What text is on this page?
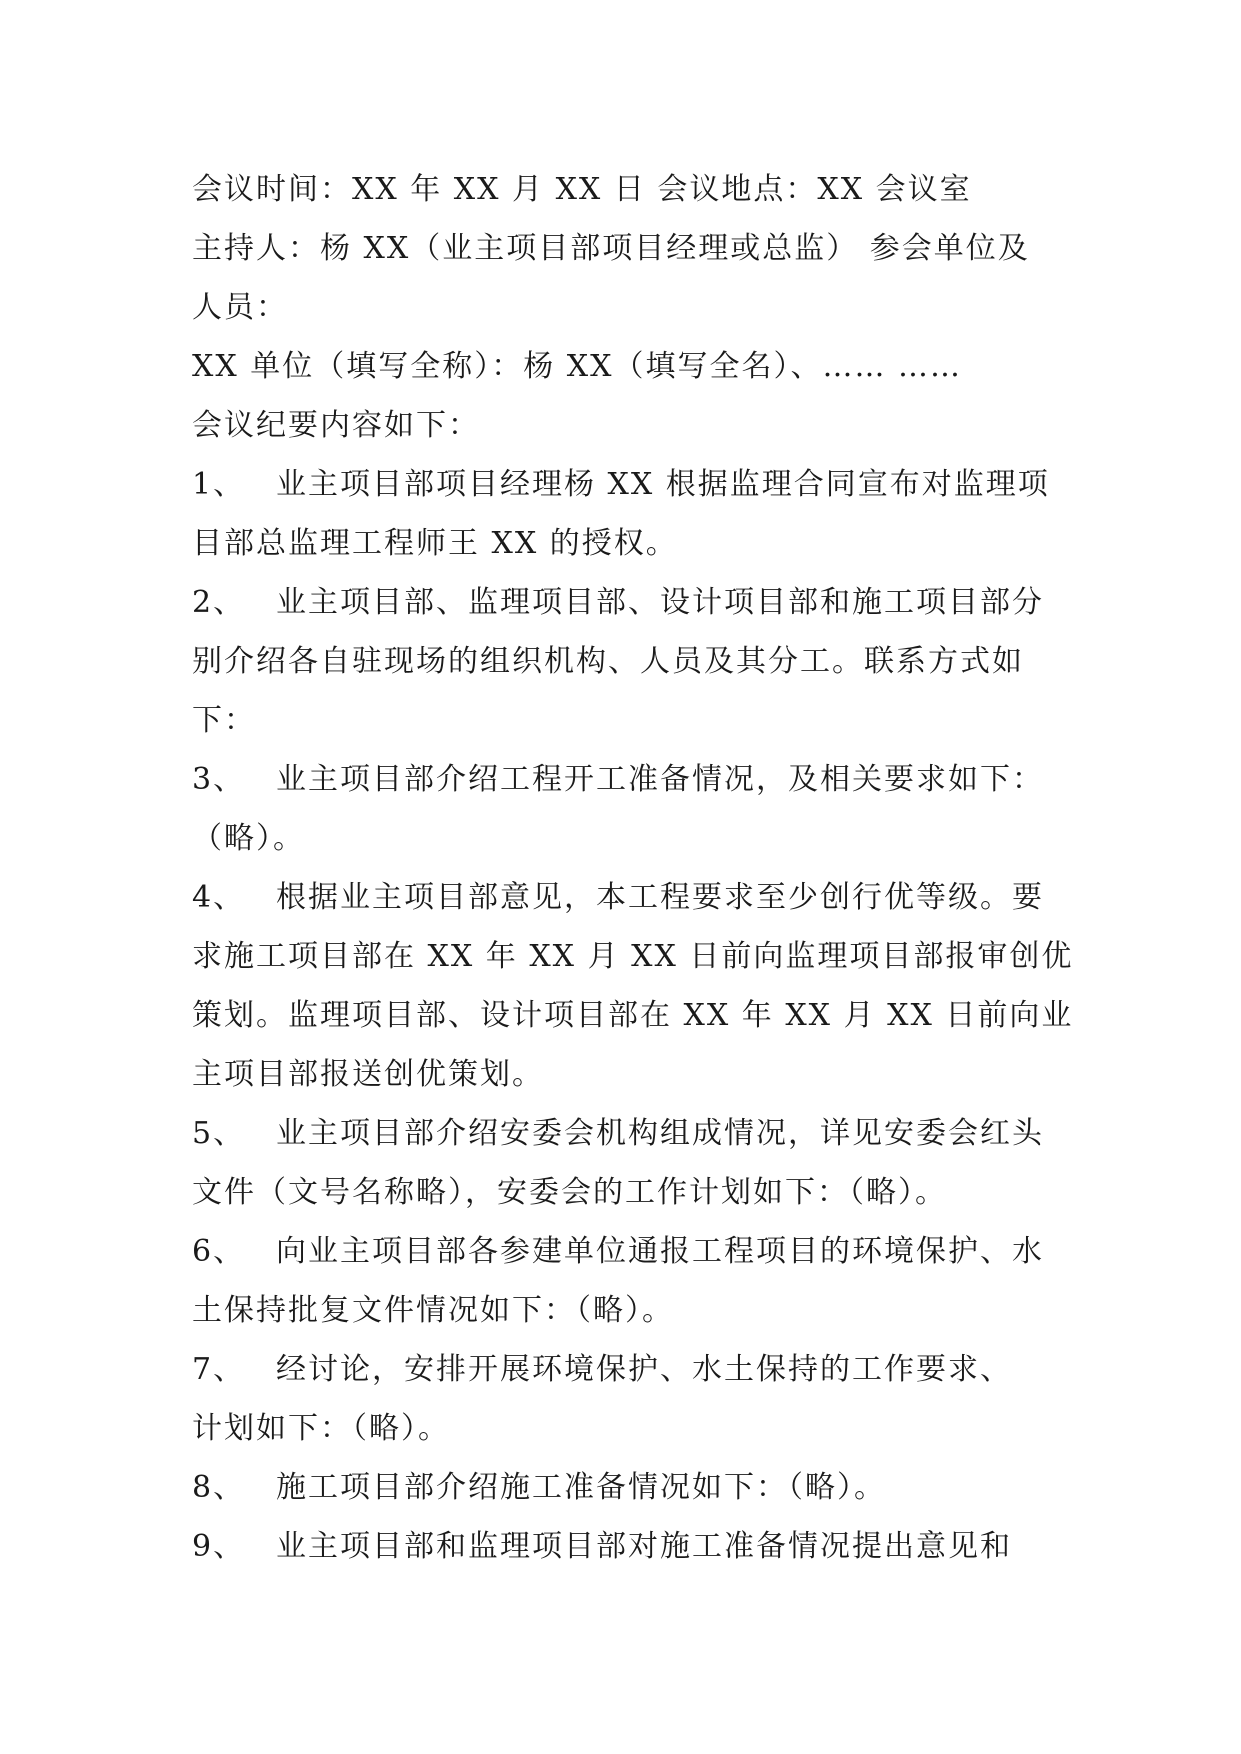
会议时间：XX 年 XX 月 XX 日 会议地点：XX 会议室
主持人：杨 XX（业主项目部项目经理或总监） 参会单位及
人员：
XX 单位（填写全称）：杨 XX（填写全名）、…… ……
会议纪要内容如下：
1、 业主项目部项目经理杨 XX 根据监理合同宣布对监理项
目部总监理工程师王 XX 的授权。
2、 业主项目部、监理项目部、设计项目部和施工项目部分
别介绍各自驻现场的组织机构、人员及其分工。联系方式如
下：
3、 业主项目部介绍工程开工准备情况，及相关要求如下：
（略）。
4、 根据业主项目部意见，本工程要求至少创行优等级。要
求施工项目部在 XX 年 XX 月 XX 日前向监理项目部报审创优
策划。监理项目部、设计项目部在 XX 年 XX 月 XX 日前向业
主项目部报送创优策划。
5、 业主项目部介绍安委会机构组成情况，详见安委会红头
文件（文号名称略），安委会的工作计划如下：（略）。
6、 向业主项目部各参建单位通报工程项目的环境保护、水
土保持批复文件情况如下：（略）。
7、 经讨论，安排开展环境保护、水土保持的工作要求、
计划如下：（略）。
8、 施工项目部介绍施工准备情况如下：（略）。
9、 业主项目部和监理项目部对施工准备情况提出意见和
